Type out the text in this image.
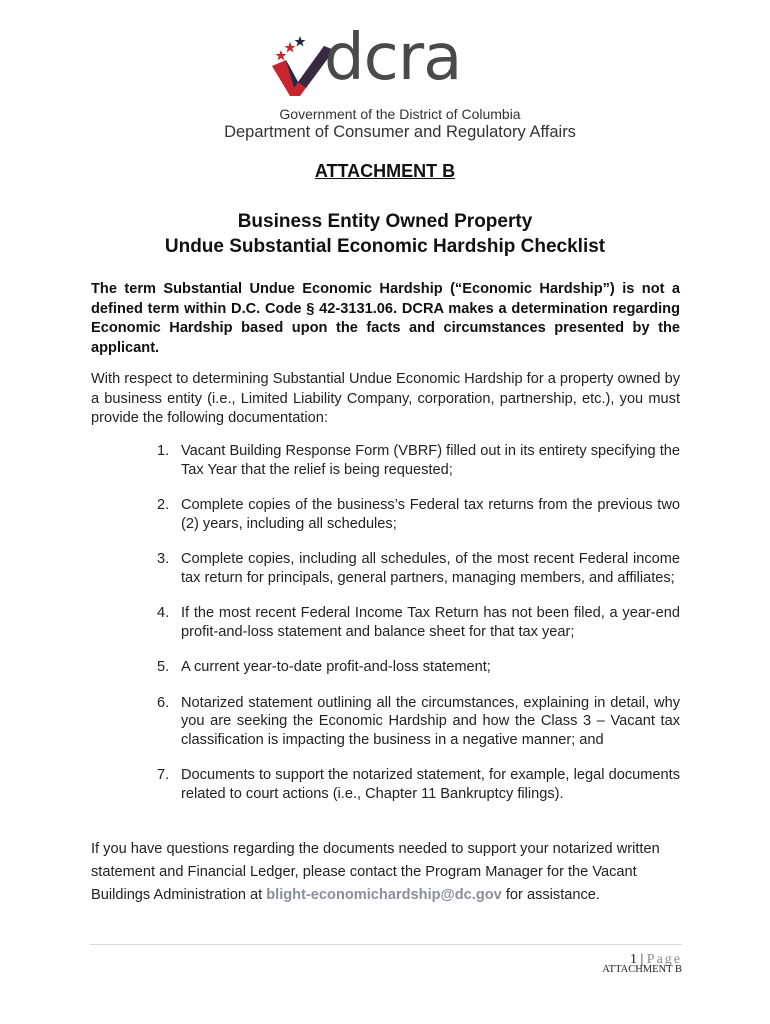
dcra
Government of the District of Columbia
Department of Consumer and Regulatory Affairs
ATTACHMENT B
Business Entity Owned Property
Undue Substantial Economic Hardship Checklist
The term Substantial Undue Economic Hardship (“Economic Hardship”) is not a defined term within D.C. Code § 42-3131.06. DCRA makes a determination regarding Economic Hardship based upon the facts and circumstances presented by the applicant.
With respect to determining Substantial Undue Economic Hardship for a property owned by a business entity (i.e., Limited Liability Company, corporation, partnership, etc.), you must provide the following documentation:
1. Vacant Building Response Form (VBRF) filled out in its entirety specifying the Tax Year that the relief is being requested;
2. Complete copies of the business’s Federal tax returns from the previous two (2) years, including all schedules;
3. Complete copies, including all schedules, of the most recent Federal income tax return for principals, general partners, managing members, and affiliates;
4. If the most recent Federal Income Tax Return has not been filed, a year-end profit-and-loss statement and balance sheet for that tax year;
5. A current year-to-date profit-and-loss statement;
6. Notarized statement outlining all the circumstances, explaining in detail, why you are seeking the Economic Hardship and how the Class 3 – Vacant tax classification is impacting the business in a negative manner; and
7. Documents to support the notarized statement, for example, legal documents related to court actions (i.e., Chapter 11 Bankruptcy filings).
If you have questions regarding the documents needed to support your notarized written statement and Financial Ledger, please contact the Program Manager for the Vacant Buildings Administration at blight-economichardship@dc.gov for assistance.
1 | Page
ATTACHMENT B
